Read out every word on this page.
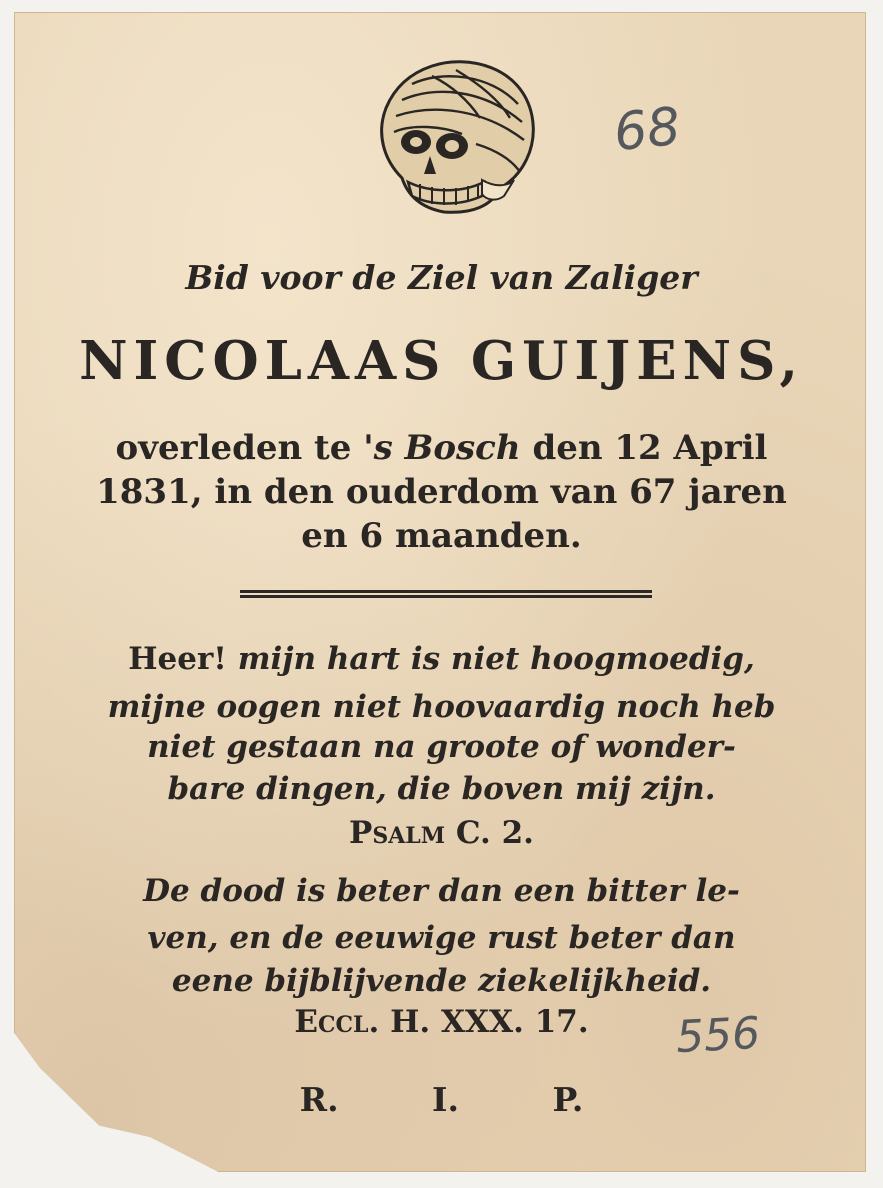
68

Bid voor de Ziel van Zaliger

NICOLAAS GUIJENS,

overleden te 's Bosch den 12 April

1831, in den ouderdom van 67 jaren

en 6 maanden.

Heer! mijn hart is niet hoogmoedig,

mijne oogen niet hoovaardig noch heb

niet gestaan na groote of wonder-

bare dingen, die boven mij zijn.

Psalm C. 2.

De dood is beter dan een bitter le-

ven, en de eeuwige rust beter dan

eene bijblijvende ziekelijkheid.

Eccl. H. XXX. 17.	556

R. I. P.
